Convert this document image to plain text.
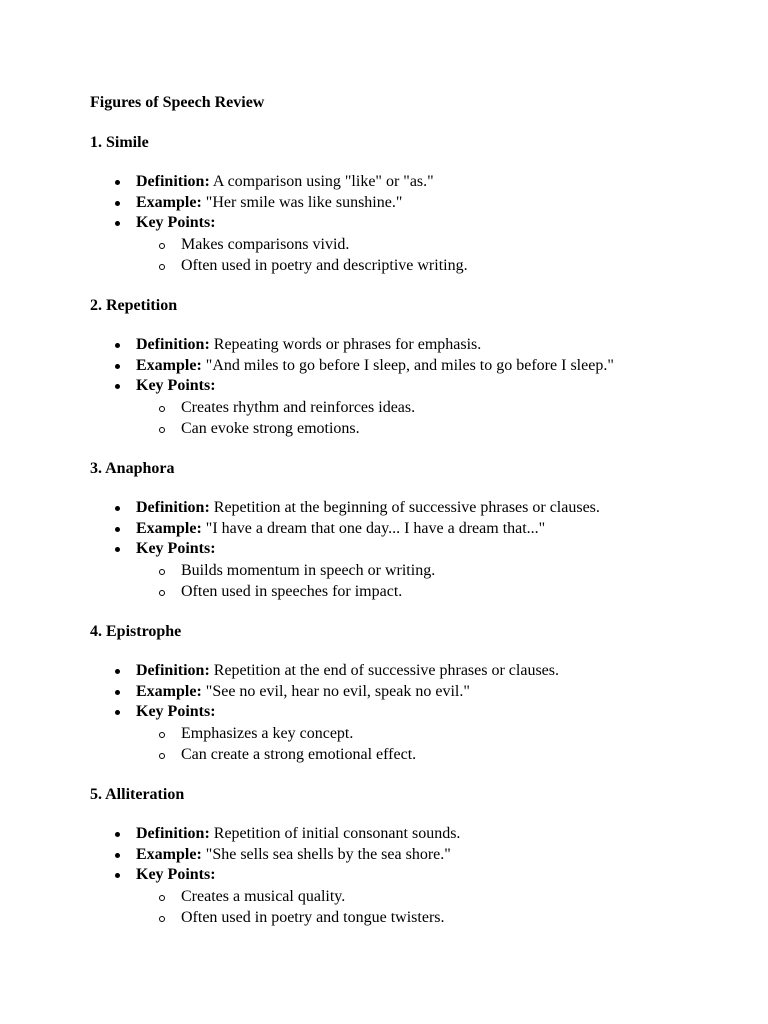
Figures of Speech Review
1. Simile
Definition: A comparison using "like" or "as."
Example: "Her smile was like sunshine."
Key Points:
Makes comparisons vivid.
Often used in poetry and descriptive writing.
2. Repetition
Definition: Repeating words or phrases for emphasis.
Example: "And miles to go before I sleep, and miles to go before I sleep."
Key Points:
Creates rhythm and reinforces ideas.
Can evoke strong emotions.
3. Anaphora
Definition: Repetition at the beginning of successive phrases or clauses.
Example: "I have a dream that one day... I have a dream that..."
Key Points:
Builds momentum in speech or writing.
Often used in speeches for impact.
4. Epistrophe
Definition: Repetition at the end of successive phrases or clauses.
Example: "See no evil, hear no evil, speak no evil."
Key Points:
Emphasizes a key concept.
Can create a strong emotional effect.
5. Alliteration
Definition: Repetition of initial consonant sounds.
Example: "She sells sea shells by the sea shore."
Key Points:
Creates a musical quality.
Often used in poetry and tongue twisters.
